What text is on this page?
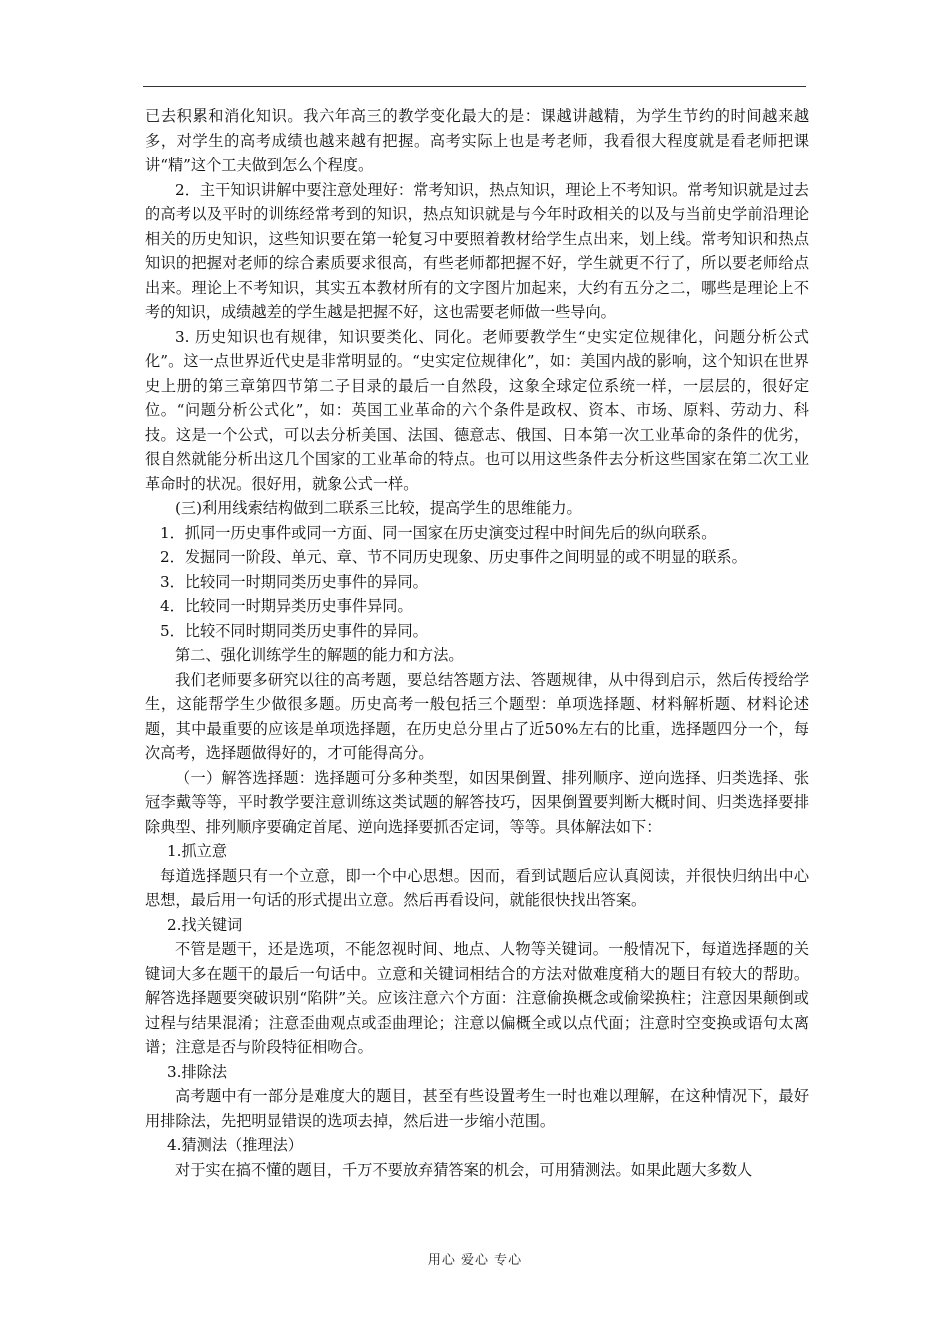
已去积累和消化知识。我六年高三的教学变化最大的是：课越讲越精，为学生节约的时间越来越多，对学生的高考成绩也越来越有把握。高考实际上也是考老师，我看很大程度就是看老师把课讲“精”这个工夫做到怎么个程度。

2．主干知识讲解中要注意处理好：常考知识，热点知识，理论上不考知识。常考知识就是过去的高考以及平时的训练经常考到的知识，热点知识就是与今年时政相关的以及与当前史学前沿理论相关的历史知识，这些知识要在第一轮复习中要照着教材给学生点出来，划上线。常考知识和热点知识的把握对老师的综合素质要求很高，有些老师都把握不好，学生就更不行了，所以要老师给点出来。理论上不考知识，其实五本教材所有的文字图片加起来，大约有五分之二，哪些是理论上不考的知识，成绩越差的学生越是把握不好，这也需要老师做一些导向。

3. 历史知识也有规律，知识要类化、同化。老师要教学生“史实定位规律化，问题分析公式化”。这一点世界近代史是非常明显的。“史实定位规律化”，如：美国内战的影响，这个知识在世界史上册的第三章第四节第二子目录的最后一自然段，这象全球定位系统一样，一层层的，很好定位。“问题分析公式化”，如：英国工业革命的六个条件是政权、资本、市场、原料、劳动力、科技。这是一个公式，可以去分析美国、法国、德意志、俄国、日本第一次工业革命的条件的优劣，很自然就能分析出这几个国家的工业革命的特点。也可以用这些条件去分析这些国家在第二次工业革命时的状况。很好用，就象公式一样。

(三)利用线索结构做到二联系三比较，提高学生的思维能力。

1．抓同一历史事件或同一方面、同一国家在历史演变过程中时间先后的纵向联系。

2．发掘同一阶段、单元、章、节不同历史现象、历史事件之间明显的或不明显的联系。

3．比较同一时期同类历史事件的异同。

4．比较同一时期异类历史事件异同。

5．比较不同时期同类历史事件的异同。

第二、强化训练学生的解题的能力和方法。

我们老师要多研究以往的高考题，要总结答题方法、答题规律，从中得到启示，然后传授给学生，这能帮学生少做很多题。历史高考一般包括三个题型：单项选择题、材料解析题、材料论述题，其中最重要的应该是单项选择题，在历史总分里占了近50%左右的比重，选择题四分一个，每次高考，选择题做得好的，才可能得高分。

（一）解答选择题：选择题可分多种类型，如因果倒置、排列顺序、逆向选择、归类选择、张冠李戴等等，平时教学要注意训练这类试题的解答技巧，因果倒置要判断大概时间、归类选择要排除典型、排列顺序要确定首尾、逆向选择要抓否定词，等等。具体解法如下：

1.抓立意

每道选择题只有一个立意，即一个中心思想。因而，看到试题后应认真阅读，并很快归纳出中心思想，最后用一句话的形式提出立意。然后再看设问，就能很快找出答案。

2.找关键词

不管是题干，还是选项，不能忽视时间、地点、人物等关键词。一般情况下，每道选择题的关键词大多在题干的最后一句话中。立意和关键词相结合的方法对做难度稍大的题目有较大的帮助。解答选择题要突破识别“陷阱”关。应该注意六个方面：注意偷换概念或偷梁换柱；注意因果颠倒或过程与结果混淆；注意歪曲观点或歪曲理论；注意以偏概全或以点代面；注意时空变换或语句太离谱；注意是否与阶段特征相吻合。

3.排除法

高考题中有一部分是难度大的题目，甚至有些设置考生一时也难以理解，在这种情况下，最好用排除法，先把明显错误的选项去掉，然后进一步缩小范围。

4.猜测法（推理法）

对于实在搞不懂的题目，千万不要放弃猜答案的机会，可用猜测法。如果此题大多数人

用心 爱心 专心
